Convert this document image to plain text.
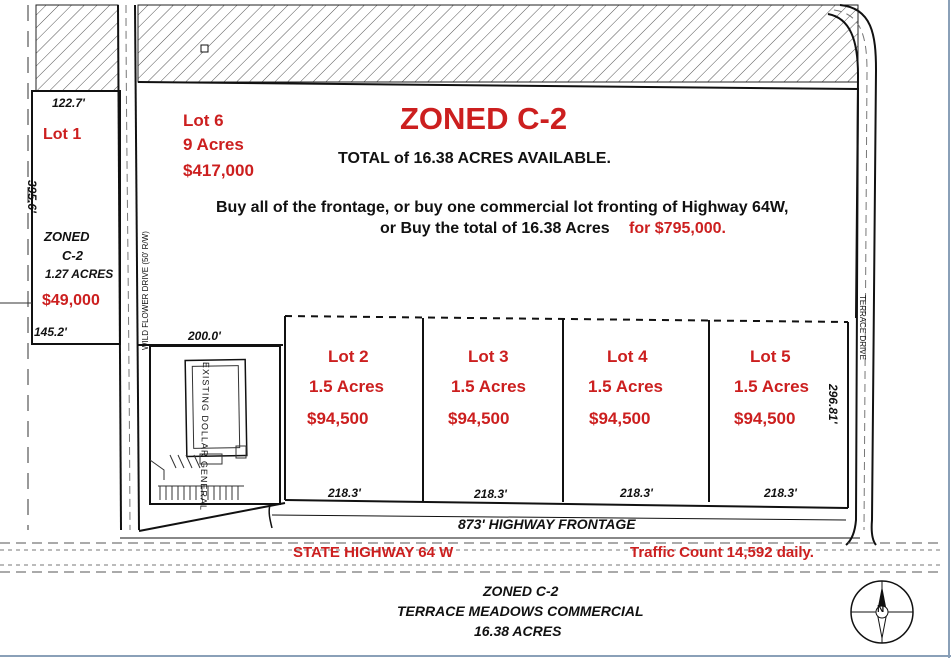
ZONED C-2
TOTAL of 16.38 ACRES AVAILABLE.
Buy all of the frontage, or buy one commercial lot fronting of Highway 64W,
or Buy the total of 16.38 Acres for $795,000.
Lot 6
9 Acres
$417,000
122.7'
Lot 1
395.6'
ZONED
C-2
1.27 ACRES
$49,000
145.2'	WILD FLOWER DRIVE (50' R/W)	TERRACE DRIVE
EXISTING DOLLAR GENERAL
200.0'
Lot 2
1.5 Acres
$94,500
218.3'
Lot 3
1.5 Acres
$94,500
218.3'
Lot 4
1.5 Acres
$94,500
218.3'
Lot 5
1.5 Acres
$94,500
218.3'
296.81'
873' HIGHWAY FRONTAGE
STATE HIGHWAY 64 W	Traffic Count 14,592 daily.
ZONED C-2
TERRACE MEADOWS COMMERCIAL
16.38 ACRES
N
